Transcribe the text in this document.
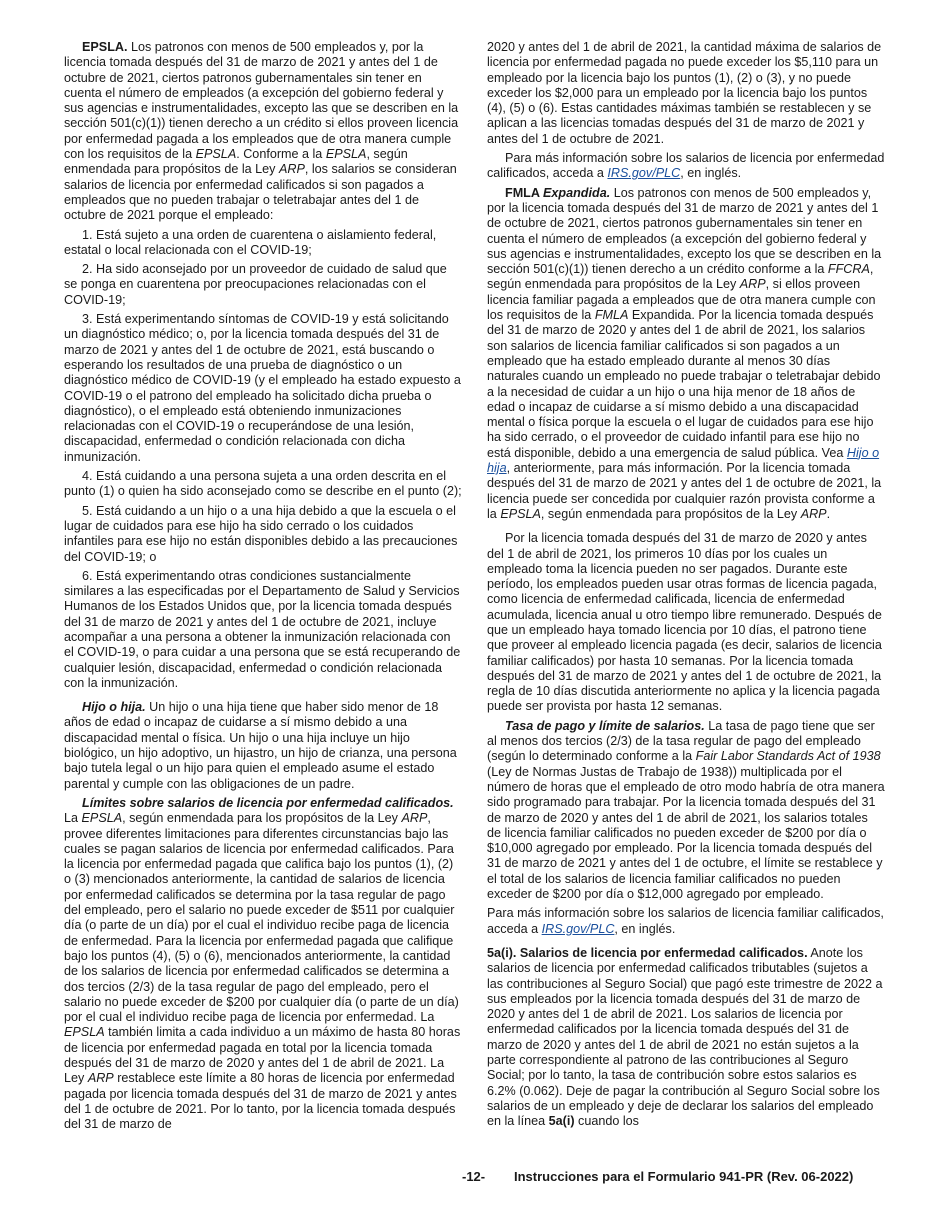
EPSLA. Los patronos con menos de 500 empleados y, por la licencia tomada después del 31 de marzo de 2021 y antes del 1 de octubre de 2021, ciertos patronos gubernamentales sin tener en cuenta el número de empleados (a excepción del gobierno federal y sus agencias e instrumentalidades, excepto las que se describen en la sección 501(c)(1)) tienen derecho a un crédito si ellos proveen licencia por enfermedad pagada a los empleados que de otra manera cumple con los requisitos de la EPSLA. Conforme a la EPSLA, según enmendada para propósitos de la Ley ARP, los salarios se consideran salarios de licencia por enfermedad calificados si son pagados a empleados que no pueden trabajar o teletrabajar antes del 1 de octubre de 2021 porque el empleado:

1. Está sujeto a una orden de cuarentena o aislamiento federal, estatal o local relacionada con el COVID-19;

2. Ha sido aconsejado por un proveedor de cuidado de salud que se ponga en cuarentena por preocupaciones relacionadas con el COVID-19;

3. Está experimentando síntomas de COVID-19 y está solicitando un diagnóstico médico; o, por la licencia tomada después del 31 de marzo de 2021 y antes del 1 de octubre de 2021, está buscando o esperando los resultados de una prueba de diagnóstico o un diagnóstico médico de COVID-19 (y el empleado ha estado expuesto a COVID-19 o el patrono del empleado ha solicitado dicha prueba o diagnóstico), o el empleado está obteniendo inmunizaciones relacionadas con el COVID-19 o recuperándose de una lesión, discapacidad, enfermedad o condición relacionada con dicha inmunización.

4. Está cuidando a una persona sujeta a una orden descrita en el punto (1) o quien ha sido aconsejado como se describe en el punto (2);

5. Está cuidando a un hijo o a una hija debido a que la escuela o el lugar de cuidados para ese hijo ha sido cerrado o los cuidados infantiles para ese hijo no están disponibles debido a las precauciones del COVID-19; o

6. Está experimentando otras condiciones sustancialmente similares a las especificadas por el Departamento de Salud y Servicios Humanos de los Estados Unidos que, por la licencia tomada después del 31 de marzo de 2021 y antes del 1 de octubre de 2021, incluye acompañar a una persona a obtener la inmunización relacionada con el COVID-19, o para cuidar a una persona que se está recuperando de cualquier lesión, discapacidad, enfermedad o condición relacionada con la inmunización.

Hijo o hija. Un hijo o una hija tiene que haber sido menor de 18 años de edad o incapaz de cuidarse a sí mismo debido a una discapacidad mental o física. Un hijo o una hija incluye un hijo biológico, un hijo adoptivo, un hijastro, un hijo de crianza, una persona bajo tutela legal o un hijo para quien el empleado asume el estado parental y cumple con las obligaciones de un padre.

Límites sobre salarios de licencia por enfermedad calificados. La EPSLA, según enmendada para los propósitos de la Ley ARP, provee diferentes limitaciones para diferentes circunstancias bajo las cuales se pagan salarios de licencia por enfermedad calificados. Para la licencia por enfermedad pagada que califica bajo los puntos (1), (2) o (3) mencionados anteriormente, la cantidad de salarios de licencia por enfermedad calificados se determina por la tasa regular de pago del empleado, pero el salario no puede exceder de $511 por cualquier día (o parte de un día) por el cual el individuo recibe paga de licencia de enfermedad. Para la licencia por enfermedad pagada que califique bajo los puntos (4), (5) o (6), mencionados anteriormente, la cantidad de los salarios de licencia por enfermedad calificados se determina a dos tercios (2/3) de la tasa regular de pago del empleado, pero el salario no puede exceder de $200 por cualquier día (o parte de un día) por el cual el individuo recibe paga de licencia por enfermedad. La EPSLA también limita a cada individuo a un máximo de hasta 80 horas de licencia por enfermedad pagada en total por la licencia tomada después del 31 de marzo de 2020 y antes del 1 de abril de 2021. La Ley ARP restablece este límite a 80 horas de licencia por enfermedad pagada por licencia tomada después del 31 de marzo de 2021 y antes del 1 de octubre de 2021. Por lo tanto, por la licencia tomada después del 31 de marzo de

2020 y antes del 1 de abril de 2021, la cantidad máxima de salarios de licencia por enfermedad pagada no puede exceder los $5,110 para un empleado por la licencia bajo los puntos (1), (2) o (3), y no puede exceder los $2,000 para un empleado por la licencia bajo los puntos (4), (5) o (6). Estas cantidades máximas también se restablecen y se aplican a las licencias tomadas después del 31 de marzo de 2021 y antes del 1 de octubre de 2021.

Para más información sobre los salarios de licencia por enfermedad calificados, acceda a IRS.gov/PLC, en inglés.

FMLA Expandida. Los patronos con menos de 500 empleados y, por la licencia tomada después del 31 de marzo de 2021 y antes del 1 de octubre de 2021, ciertos patronos gubernamentales sin tener en cuenta el número de empleados (a excepción del gobierno federal y sus agencias e instrumentalidades, excepto los que se describen en la sección 501(c)(1)) tienen derecho a un crédito conforme a la FFCRA, según enmendada para propósitos de la Ley ARP, si ellos proveen licencia familiar pagada a empleados que de otra manera cumple con los requisitos de la FMLA Expandida. Por la licencia tomada después del 31 de marzo de 2020 y antes del 1 de abril de 2021, los salarios son salarios de licencia familiar calificados si son pagados a un empleado que ha estado empleado durante al menos 30 días naturales cuando un empleado no puede trabajar o teletrabajar debido a la necesidad de cuidar a un hijo o una hija menor de 18 años de edad o incapaz de cuidarse a sí mismo debido a una discapacidad mental o física porque la escuela o el lugar de cuidados para ese hijo ha sido cerrado, o el proveedor de cuidado infantil para ese hijo no está disponible, debido a una emergencia de salud pública. Vea Hijo o hija, anteriormente, para más información. Por la licencia tomada después del 31 de marzo de 2021 y antes del 1 de octubre de 2021, la licencia puede ser concedida por cualquier razón provista conforme a la EPSLA, según enmendada para propósitos de la Ley ARP.

Por la licencia tomada después del 31 de marzo de 2020 y antes del 1 de abril de 2021, los primeros 10 días por los cuales un empleado toma la licencia pueden no ser pagados. Durante este período, los empleados pueden usar otras formas de licencia pagada, como licencia de enfermedad calificada, licencia de enfermedad acumulada, licencia anual u otro tiempo libre remunerado. Después de que un empleado haya tomado licencia por 10 días, el patrono tiene que proveer al empleado licencia pagada (es decir, salarios de licencia familiar calificados) por hasta 10 semanas. Por la licencia tomada después del 31 de marzo de 2021 y antes del 1 de octubre de 2021, la regla de 10 días discutida anteriormente no aplica y la licencia pagada puede ser provista por hasta 12 semanas.

Tasa de pago y límite de salarios. La tasa de pago tiene que ser al menos dos tercios (2/3) de la tasa regular de pago del empleado (según lo determinado conforme a la Fair Labor Standards Act of 1938 (Ley de Normas Justas de Trabajo de 1938)) multiplicada por el número de horas que el empleado de otro modo habría de otra manera sido programado para trabajar. Por la licencia tomada después del 31 de marzo de 2020 y antes del 1 de abril de 2021, los salarios totales de licencia familiar calificados no pueden exceder de $200 por día o $10,000 agregado por empleado. Por la licencia tomada después del 31 de marzo de 2021 y antes del 1 de octubre, el límite se restablece y el total de los salarios de licencia familiar calificados no pueden exceder de $200 por día o $12,000 agregado por empleado.

Para más información sobre los salarios de licencia familiar calificados, acceda a IRS.gov/PLC, en inglés.

5a(i). Salarios de licencia por enfermedad calificados. Anote los salarios de licencia por enfermedad calificados tributables (sujetos a las contribuciones al Seguro Social) que pagó este trimestre de 2022 a sus empleados por la licencia tomada después del 31 de marzo de 2020 y antes del 1 de abril de 2021. Los salarios de licencia por enfermedad calificados por la licencia tomada después del 31 de marzo de 2020 y antes del 1 de abril de 2021 no están sujetos a la parte correspondiente al patrono de las contribuciones al Seguro Social; por lo tanto, la tasa de contribución sobre estos salarios es 6.2% (0.062). Deje de pagar la contribución al Seguro Social sobre los salarios de un empleado y deje de declarar los salarios del empleado en la línea 5a(i) cuando los

-12- Instrucciones para el Formulario 941-PR (Rev. 06-2022)
